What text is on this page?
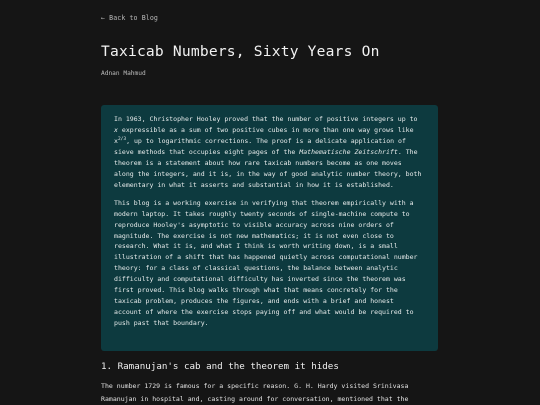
← Back to Blog
Taxicab Numbers, Sixty Years On
Adnan Mahmud

In 1963, Christopher Hooley proved that the number of positive integers up to
x expressible as a sum of two positive cubes in more than one way grows like
$x^{2/3}$, up to logarithmic corrections. The proof is a delicate application of
sieve methods that occupies eight pages of the Mathematische Zeitschrift. The
theorem is a statement about how rare taxicab numbers become as one moves
along the integers, and it is, in the way of good analytic number theory, both
elementary in what it asserts and substantial in how it is established.

This blog is a working exercise in verifying that theorem empirically with a
modern laptop. It takes roughly twenty seconds of single-machine compute to
reproduce Hooley's asymptotic to visible accuracy across nine orders of
magnitude. The exercise is not new mathematics; it is not even close to
research. What it is, and what I think is worth writing down, is a small
illustration of a shift that has happened quietly across computational number
theory: for a class of classical questions, the balance between analytic
difficulty and computational difficulty has inverted since the theorem was
first proved. This blog walks through what that means concretely for the
taxicab problem, produces the figures, and ends with a brief and honest
account of where the exercise stops paying off and what would be required to
push past that boundary.

1. Ramanujan's cab and the theorem it hides

The number 1729 is famous for a specific reason. G. H. Hardy visited Srinivasa
Ramanujan in hospital and, casting around for conversation, mentioned that the
